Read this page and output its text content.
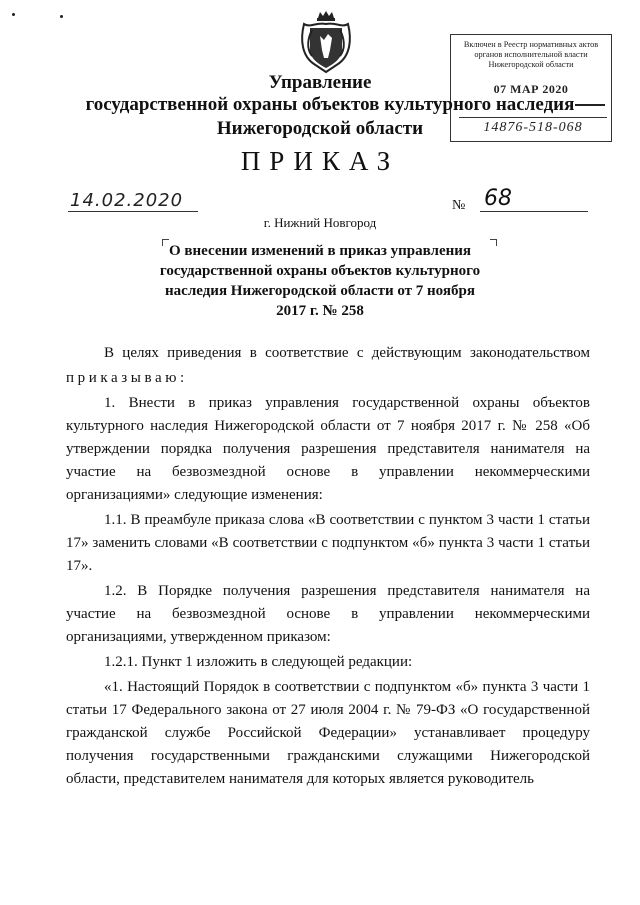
Включен в Реестр нормативных актов органов исполнительной власти Нижегородской области
07 МАР 2020
14876-518-068
Управление
государственной охраны объектов культурного наследия
Нижегородской области
ПРИКАЗ
14.02.2020	№ 68
г. Нижний Новгород
О внесении изменений в приказ управления государственной охраны объектов культурного наследия Нижегородской области от 7 ноября 2017 г. № 258

В целях приведения в соответствие с действующим законодательством

приказываю:

1. Внести в приказ управления государственной охраны объектов культурного наследия Нижегородской области от 7 ноября 2017 г. № 258 «Об утверждении порядка получения разрешения представителя нанимателя на участие на безвозмездной основе в управлении некоммерческими организациями» следующие изменения:

1.1. В преамбуле приказа слова «В соответствии с пунктом 3 части 1 статьи 17» заменить словами «В соответствии с подпунктом «б» пункта 3 части 1 статьи 17».

1.2. В Порядке получения разрешения представителя нанимателя на участие на безвозмездной основе в управлении некоммерческими организациями, утвержденном приказом:

1.2.1. Пункт 1 изложить в следующей редакции:

«1. Настоящий Порядок в соответствии с подпунктом «б» пункта 3 части 1 статьи 17 Федерального закона от 27 июля 2004 г. № 79-ФЗ «О государственной гражданской службе Российской Федерации» устанавливает процедуру получения государственными гражданскими служащими Нижегородской области, представителем нанимателя для которых является руководитель
